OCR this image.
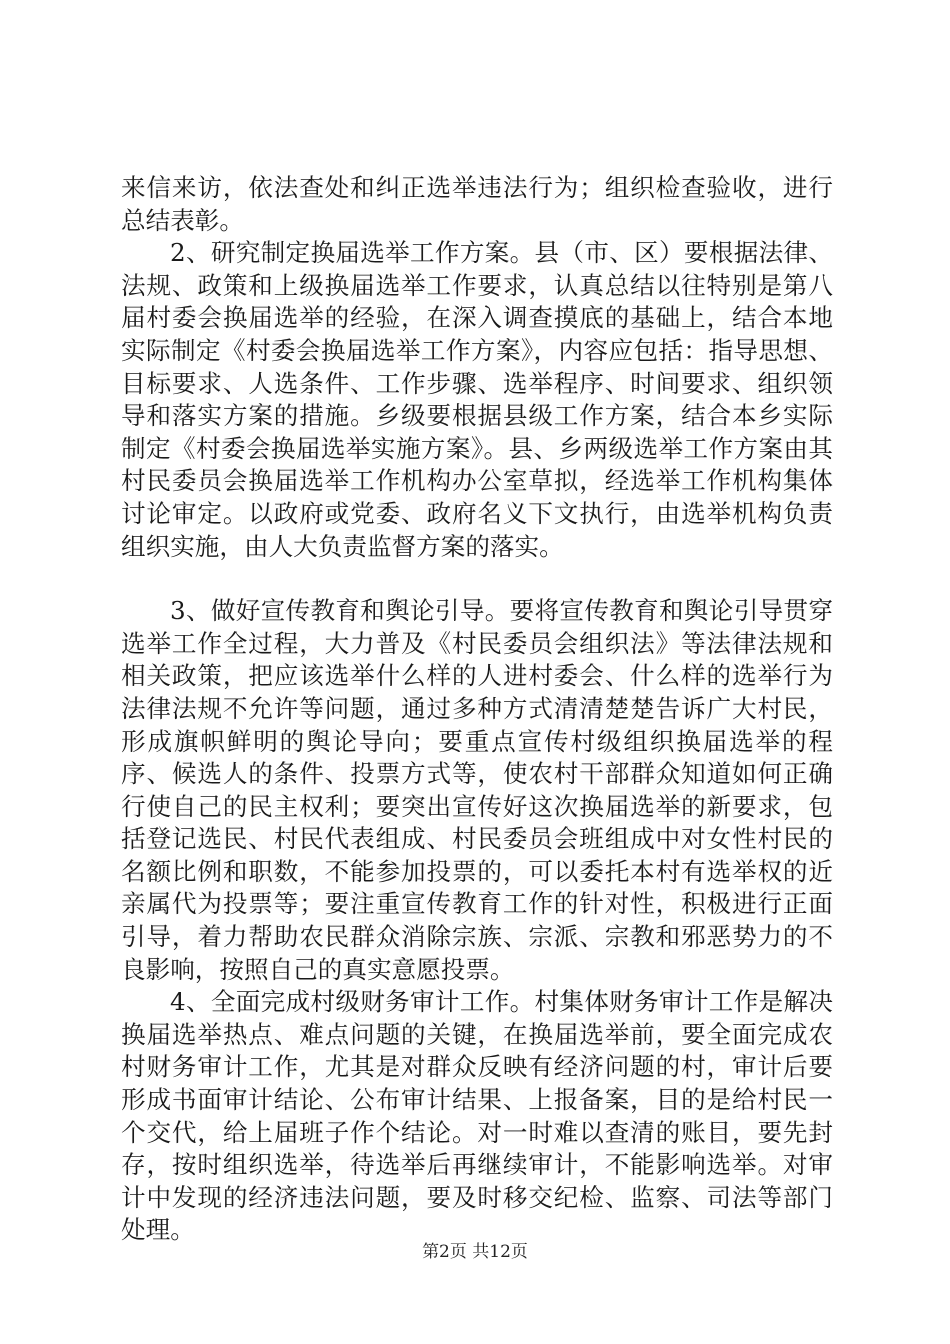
来信来访，依法查处和纠正选举违法行为；组织检查验收，进行总结表彰。

2、研究制定换届选举工作方案。县（市、区）要根据法律、法规、政策和上级换届选举工作要求，认真总结以往特别是第八届村委会换届选举的经验，在深入调查摸底的基础上，结合本地实际制定《村委会换届选举工作方案》，内容应包括：指导思想、目标要求、人选条件、工作步骤、选举程序、时间要求、组织领导和落实方案的措施。乡级要根据县级工作方案，结合本乡实际制定《村委会换届选举实施方案》。县、乡两级选举工作方案由其村民委员会换届选举工作机构办公室草拟，经选举工作机构集体讨论审定。以政府或党委、政府名义下文执行，由选举机构负责组织实施，由人大负责监督方案的落实。

3、做好宣传教育和舆论引导。要将宣传教育和舆论引导贯穿选举工作全过程，大力普及《村民委员会组织法》等法律法规和相关政策，把应该选举什么样的人进村委会、什么样的选举行为法律法规不允许等问题，通过多种方式清清楚楚告诉广大村民，形成旗帜鲜明的舆论导向；要重点宣传村级组织换届选举的程序、候选人的条件、投票方式等，使农村干部群众知道如何正确行使自己的民主权利；要突出宣传好这次换届选举的新要求，包括登记选民、村民代表组成、村民委员会班组成中对女性村民的名额比例和职数，不能参加投票的，可以委托本村有选举权的近亲属代为投票等；要注重宣传教育工作的针对性，积极进行正面引导，着力帮助农民群众消除宗族、宗派、宗教和邪恶势力的不良影响，按照自己的真实意愿投票。

4、全面完成村级财务审计工作。村集体财务审计工作是解决换届选举热点、难点问题的关键，在换届选举前，要全面完成农村财务审计工作，尤其是对群众反映有经济问题的村，审计后要形成书面审计结论、公布审计结果、上报备案，目的是给村民一个交代，给上届班子作个结论。对一时难以查清的账目，要先封存，按时组织选举，待选举后再继续审计，不能影响选举。对审计中发现的经济违法问题，要及时移交纪检、监察、司法等部门处理。

第2页 共12页
